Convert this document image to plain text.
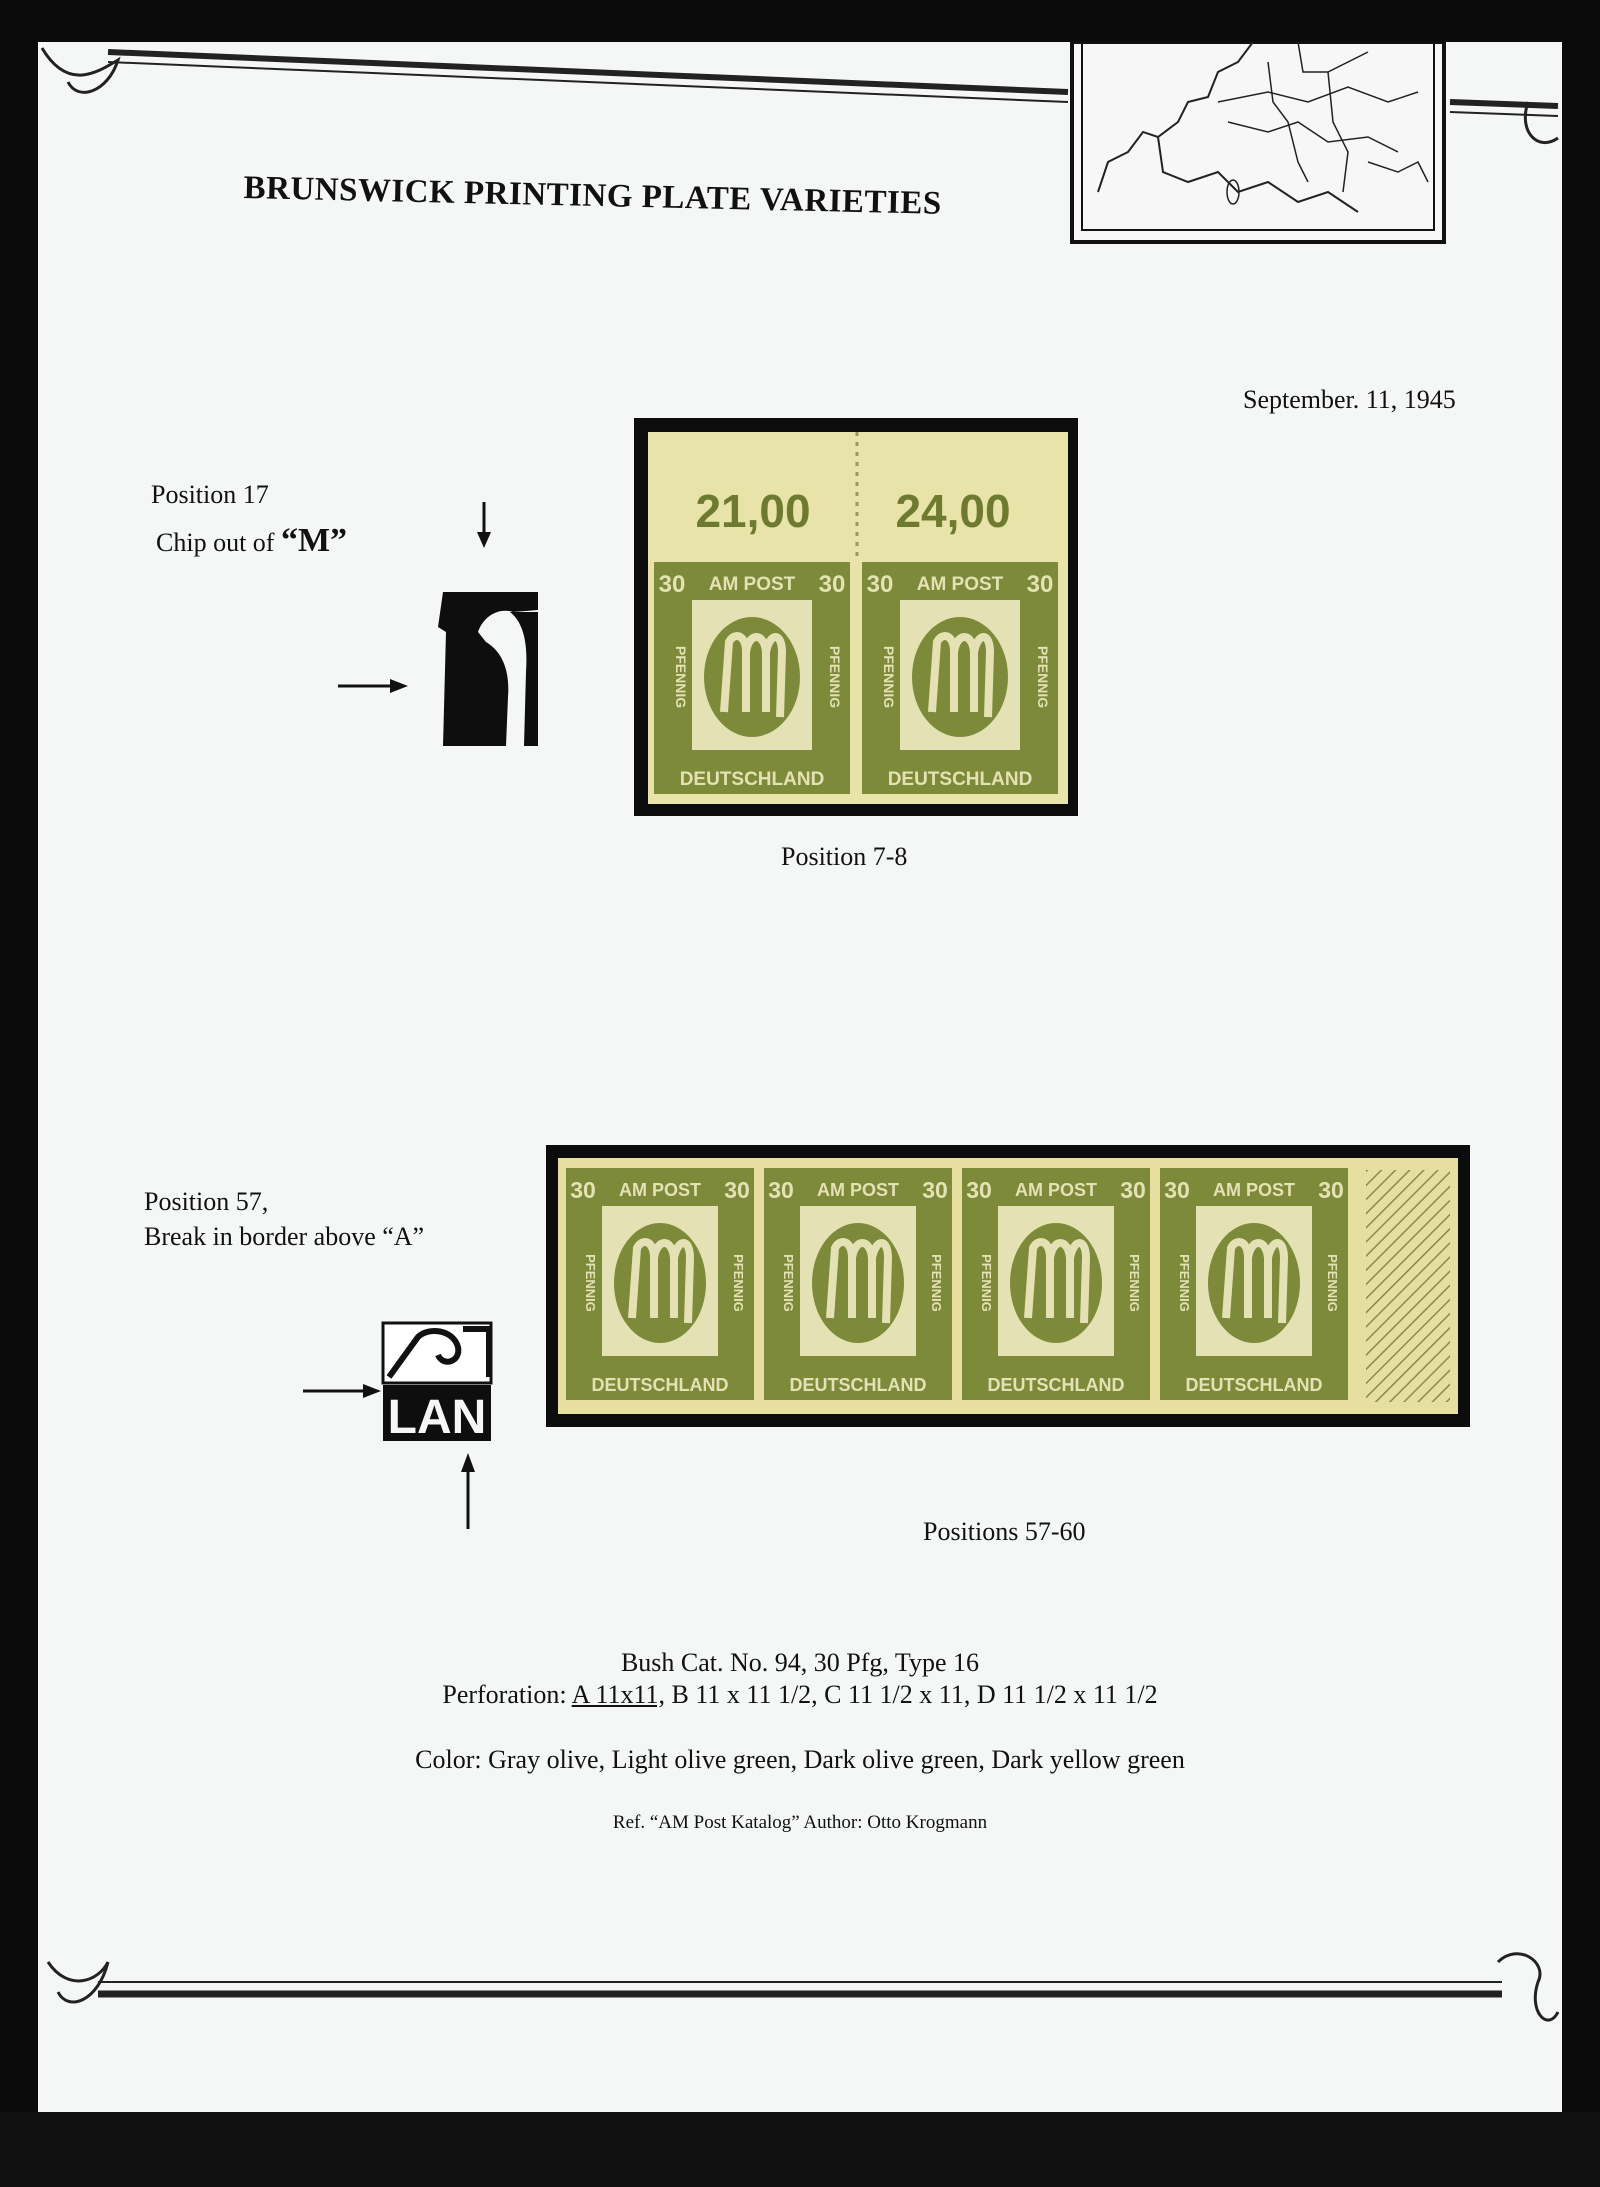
BRUNSWICK PRINTING PLATE VARIETIES
September. 11, 1945
Position 17
Chip out of “M”
21,00 24,00
30	30
AM POST
DEUTSCHLAND
PFENNIG	PFENNIG
30	30
AM POST
DEUTSCHLAND
PFENNIG	PFENNIG
Position 7-8
Position 57,
Break in border above “A”
LAN
30	30
AM POST
DEUTSCHLAND
PFENNIG	PFENNIG
30	30
AM POST
DEUTSCHLAND
PFENNIG	PFENNIG
30	30
AM POST
DEUTSCHLAND
PFENNIG	PFENNIG
30	30
AM POST
DEUTSCHLAND
PFENNIG	PFENNIG
Positions 57-60
Bush Cat. No. 94, 30 Pfg, Type 16
Perforation: A 11x11, B 11 x 11 1/2, C 11 1/2 x 11, D 11 1/2 x 11 1/2
Color: Gray olive, Light olive green, Dark olive green, Dark yellow green
Ref. “AM Post Katalog” Author: Otto Krogmann
